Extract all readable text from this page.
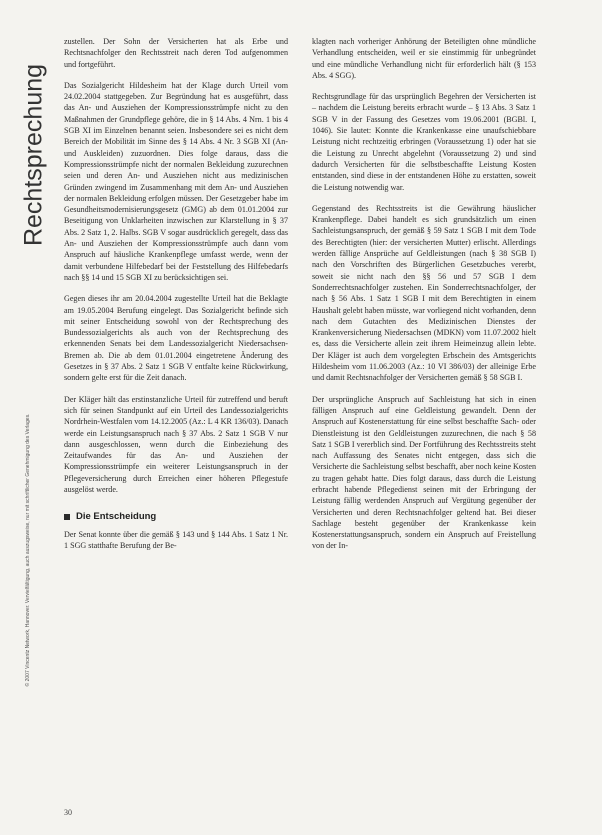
Rechtsprechung
© 2007 Vincentz Network, Hannover. Vervielfältigung, auch auszugsweise, nur mit schriftlicher Genehmigung des Verlages.

zustellen. Der Sohn der Versicherten hat als Erbe und Rechtsnachfolger den Rechtsstreit nach deren Tod aufgenommen und fortgeführt.

Das Sozialgericht Hildesheim hat der Klage durch Urteil vom 24.02.2004 stattgegeben. Zur Begründung hat es ausgeführt, dass das An- und Ausziehen der Kompressionsstrümpfe nicht zu den Maßnahmen der Grundpflege gehöre, die in § 14 Abs. 4 Nrn. 1 bis 4 SGB XI im Einzelnen benannt seien. Insbesondere sei es nicht dem Bereich der Mobilität im Sinne des § 14 Abs. 4 Nr. 3 SGB XI (An- und Auskleiden) zuzuordnen. Dies folge daraus, dass die Kompressionsstrümpfe nicht der normalen Bekleidung zuzurechnen seien und deren An- und Ausziehen nicht aus medizinischen Gründen zwingend im Zusammenhang mit dem An- und Ausziehen der normalen Bekleidung erfolgen müssen. Der Gesetzgeber habe im Gesundheitsmodernisierungsgesetz (GMG) ab dem 01.01.2004 zur Beseitigung von Unklarheiten inzwischen zur Klarstellung in § 37 Abs. 2 Satz 1, 2. Halbs. SGB V sogar ausdrücklich geregelt, dass das An- und Ausziehen der Kompressionsstrümpfe auch dann vom Anspruch auf häusliche Krankenpflege umfasst werde, wenn der damit verbundene Hilfebedarf bei der Feststellung des Hilfebedarfs nach §§ 14 und 15 SGB XI zu berücksichtigen sei.

Gegen dieses ihr am 20.04.2004 zugestellte Urteil hat die Beklagte am 19.05.2004 Berufung eingelegt. Das Sozialgericht befinde sich mit seiner Entscheidung sowohl von der Rechtsprechung des Bundessozialgerichts als auch von der Rechtsprechung des erkennenden Senats bei dem Landessozialgericht Niedersachsen-Bremen ab. Die ab dem 01.01.2004 eingetretene Änderung des Gesetzes in § 37 Abs. 2 Satz 1 SGB V entfalte keine Rückwirkung, sondern gelte erst für die Zeit danach.

Der Kläger hält das erstinstanzliche Urteil für zutreffend und beruft sich für seinen Standpunkt auf ein Urteil des Landessozialgerichts Nordrhein-Westfalen vom 14.12.2005 (Az.: L 4 KR 136/03). Danach werde ein Leistungsanspruch nach § 37 Abs. 2 Satz 1 SGB V nur dann ausgeschlossen, wenn durch die Einbeziehung des Zeitaufwandes für das An- und Ausziehen der Kompressionsstrümpfe ein weiterer Leistungsanspruch in der Pflegeversicherung durch Erreichen einer höheren Pflegestufe ausgelöst werde.

Die Entscheidung

Der Senat konnte über die gemäß § 143 und § 144 Abs. 1 Satz 1 Nr. 1 SGG statthafte Berufung der Be-

klagten nach vorheriger Anhörung der Beteiligten ohne mündliche Verhandlung entscheiden, weil er sie einstimmig für unbegründet und eine mündliche Verhandlung nicht für erforderlich hält (§ 153 Abs. 4 SGG).

Rechtsgrundlage für das ursprünglich Begehren der Versicherten ist – nachdem die Leistung bereits erbracht wurde – § 13 Abs. 3 Satz 1 SGB V in der Fassung des Gesetzes vom 19.06.2001 (BGBl. I, 1046). Sie lautet: Konnte die Krankenkasse eine unaufschiebbare Leistung nicht rechtzeitig erbringen (Voraussetzung 1) oder hat sie die Leistung zu Unrecht abgelehnt (Voraussetzung 2) und sind dadurch Versicherten für die selbstbeschaffte Leistung Kosten entstanden, sind diese in der entstandenen Höhe zu erstatten, soweit die Leistung notwendig war.

Gegenstand des Rechtsstreits ist die Gewährung häuslicher Krankenpflege. Dabei handelt es sich grundsätzlich um einen Sachleistungsanspruch, der gemäß § 59 Satz 1 SGB I mit dem Tode des Berechtigten (hier: der versicherten Mutter) erlischt. Allerdings werden fällige Ansprüche auf Geldleistungen (nach § 38 SGB I) nach den Vorschriften des Bürgerlichen Gesetzbuches vererbt, soweit sie nicht nach den §§ 56 und 57 SGB I dem Sonderrechtsnachfolger zustehen. Ein Sonderrechtsnachfolger, der nach § 56 Abs. 1 Satz 1 SGB I mit dem Berechtigten in einem Haushalt gelebt haben müsste, war vorliegend nicht vorhanden, denn nach dem Gutachten des Medizinischen Dienstes der Krankenversicherung Niedersachsen (MDKN) vom 11.07.2002 hielt es, dass die Versicherte allein zeit ihrem Heimeinzug allein lebte. Der Kläger ist auch dem vorgelegten Erbschein des Amtsgerichts Hildesheim vom 11.06.2003 (Az.: 10 VI 386/03) der alleinige Erbe und damit Rechtsnachfolger der Versicherten gemäß § 58 SGB I.

Der ursprüngliche Anspruch auf Sachleistung hat sich in einen fälligen Anspruch auf eine Geldleistung gewandelt. Denn der Anspruch auf Kostenerstattung für eine selbst beschaffte Sach- oder Dienstleistung ist den Geldleistungen zuzurechnen, die nach § 58 Satz 1 SGB I vererblich sind. Der Fortführung des Rechtsstreits steht nach Auffassung des Senates nicht entgegen, dass sich die Versicherte die Sachleistung selbst beschafft, aber noch keine Kosten zu tragen gehabt hatte. Dies folgt daraus, dass durch die Leistung erbracht habende Pflegedienst seinen mit der Erbringung der Leistung fällig werdenden Anspruch auf Vergütung gegenüber der Versicherten und deren Rechtsnachfolger geltend hat. Bei dieser Sachlage besteht gegenüber der Krankenkasse kein Kostenerstattungsanspruch, sondern ein Anspruch auf Freistellung von der In-

30
